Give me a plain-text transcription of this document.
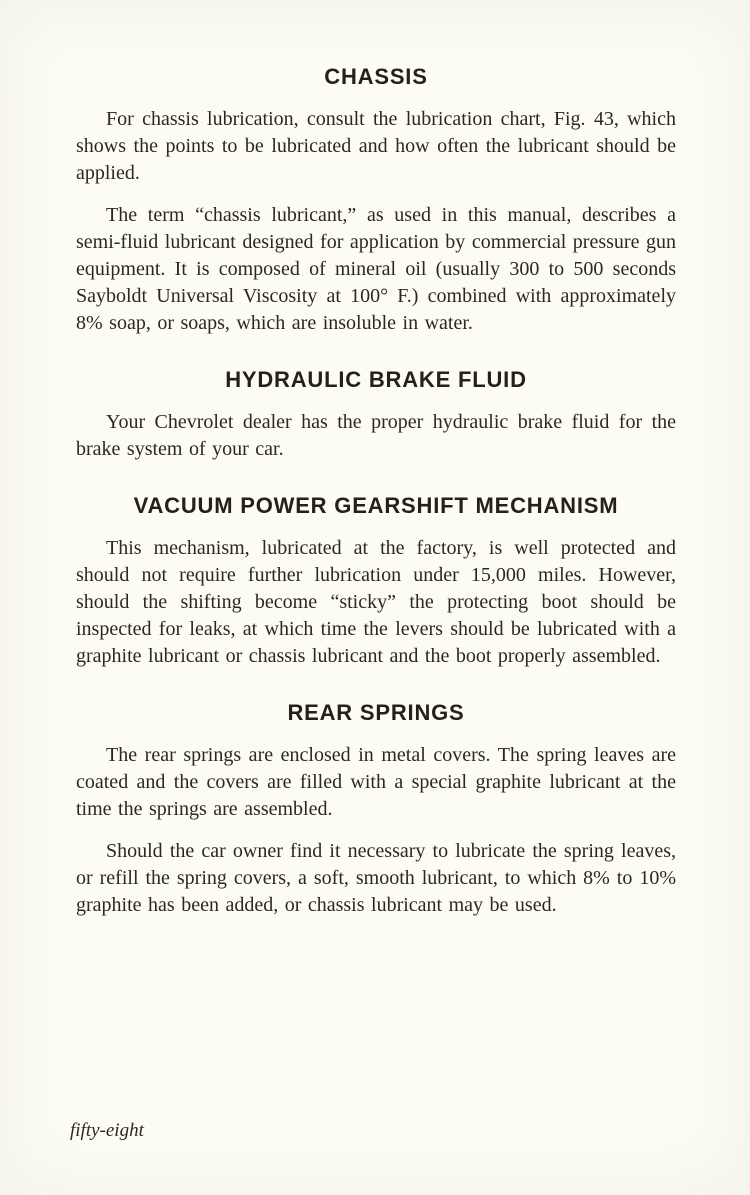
CHASSIS

For chassis lubrication, consult the lubrication chart, Fig. 43, which shows the points to be lubricated and how often the lubricant should be applied.

The term “chassis lubricant,” as used in this manual, describes a semi-fluid lubricant designed for application by commercial pressure gun equipment. It is composed of mineral oil (usually 300 to 500 seconds Sayboldt Universal Viscosity at 100° F.) combined with approximately 8% soap, or soaps, which are insoluble in water.

HYDRAULIC BRAKE FLUID

Your Chevrolet dealer has the proper hydraulic brake fluid for the brake system of your car.

VACUUM POWER GEARSHIFT MECHANISM

This mechanism, lubricated at the factory, is well protected and should not require further lubrication under 15,000 miles. However, should the shifting become “sticky” the protecting boot should be inspected for leaks, at which time the levers should be lubricated with a graphite lubricant or chassis lubricant and the boot properly assembled.

REAR SPRINGS

The rear springs are enclosed in metal covers. The spring leaves are coated and the covers are filled with a special graphite lubricant at the time the springs are assembled.

Should the car owner find it necessary to lubricate the spring leaves, or refill the spring covers, a soft, smooth lubricant, to which 8% to 10% graphite has been added, or chassis lubricant may be used.

fifty-eight
